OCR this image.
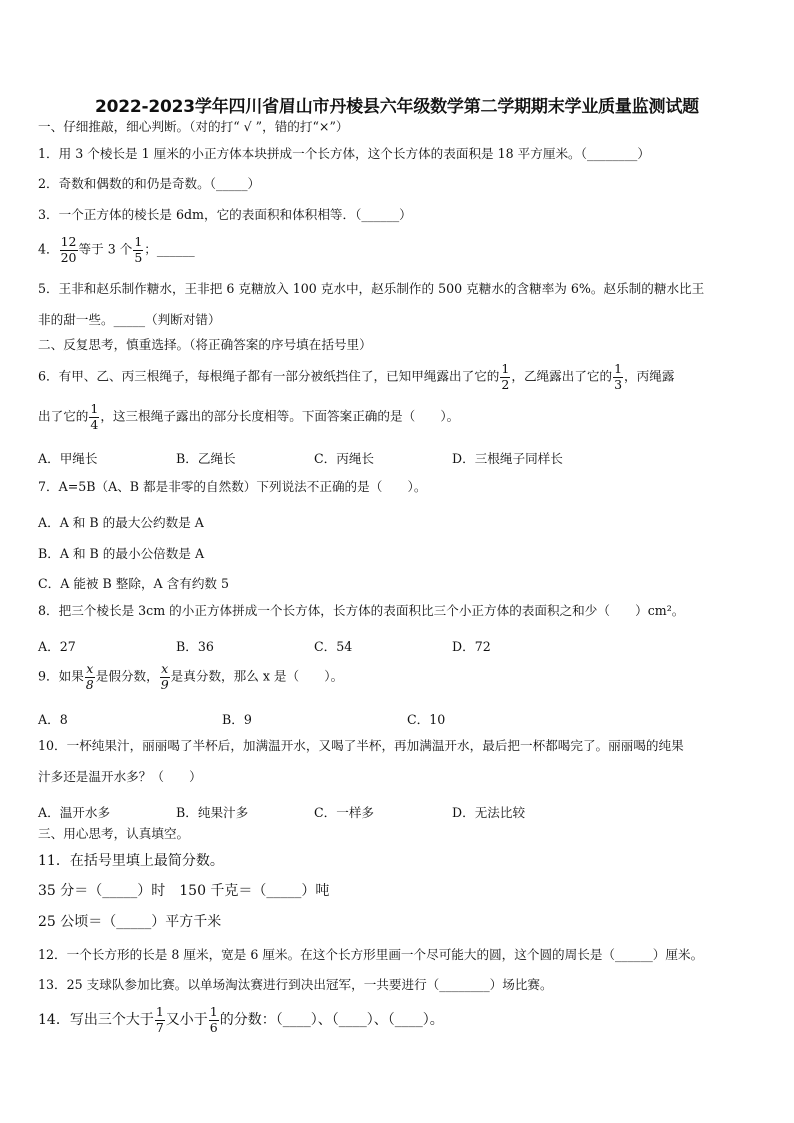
2022-2023学年四川省眉山市丹棱县六年级数学第二学期期末学业质量监测试题
一、仔细推敲，细心判断。（对的打“ √ ”，错的打“×”）
1．用 3 个棱长是 1 厘米的小正方体本块拼成一个长方体，这个长方体的表面积是 18 平方厘米。（________）
2．奇数和偶数的和仍是奇数。（_____）
3．一个正方体的棱长是 6dm，它的表面积和体积相等．（______）
4． $\frac{12}{20}$ 等于 3 个 $\frac{1}{5}$ ；______
5．王非和赵乐制作糖水，王非把 6 克糖放入 100 克水中，赵乐制作的 500 克糖水的含糖率为 6%。赵乐制的糖水比王
非的甜一些。_____（判断对错）
二、反复思考，慎重选择。（将正确答案的序号填在括号里）
6．有甲、乙、丙三根绳子，每根绳子都有一部分被纸挡住了，已知甲绳露出了它的 $\frac{1}{2}$ ，乙绳露出了它的 $\frac{1}{3}$ ，丙绳露
出了它的 $\frac{1}{4}$ ，这三根绳子露出的部分长度相等。下面答案正确的是（　　）。
A．甲绳长	B．乙绳长	C．丙绳长	D．三根绳子同样长
7．A=5B（A、B 都是非零的自然数）下列说法不正确的是（　　）。
A．A 和 B 的最大公约数是 A
B．A 和 B 的最小公倍数是 A
C．A 能被 B 整除，A 含有约数 5
8．把三个棱长是 3cm 的小正方体拼成一个长方体，长方体的表面积比三个小正方体的表面积之和少（　　）cm²。
A．27	B．36	C．54	D．72
9．如果 $\frac{x}{8}$ 是假分数， $\frac{x}{9}$ 是真分数，那么 x 是（　　）。
A．8	B．9	C．10
10．一杯纯果汁，丽丽喝了半杯后，加满温开水，又喝了半杯，再加满温开水，最后把一杯都喝完了。丽丽喝的纯果
汁多还是温开水多？（　　）
A．温开水多	B．纯果汁多	C．一样多	D．无法比较
三、用心思考，认真填空。
11．在括号里填上最简分数。
35 分＝（_____）时　150 千克＝（_____）吨
25 公顷＝（_____）平方千米
12．一个长方形的长是 8 厘米，宽是 6 厘米。在这个长方形里画一个尽可能大的圆，这个圆的周长是（______）厘米。
13．25 支球队参加比赛。以单场淘汰赛进行到决出冠军，一共要进行（________）场比赛。
14．写出三个大于 $\frac{1}{7}$ 又小于 $\frac{1}{6}$ 的分数：（____）、（____）、（____）。
